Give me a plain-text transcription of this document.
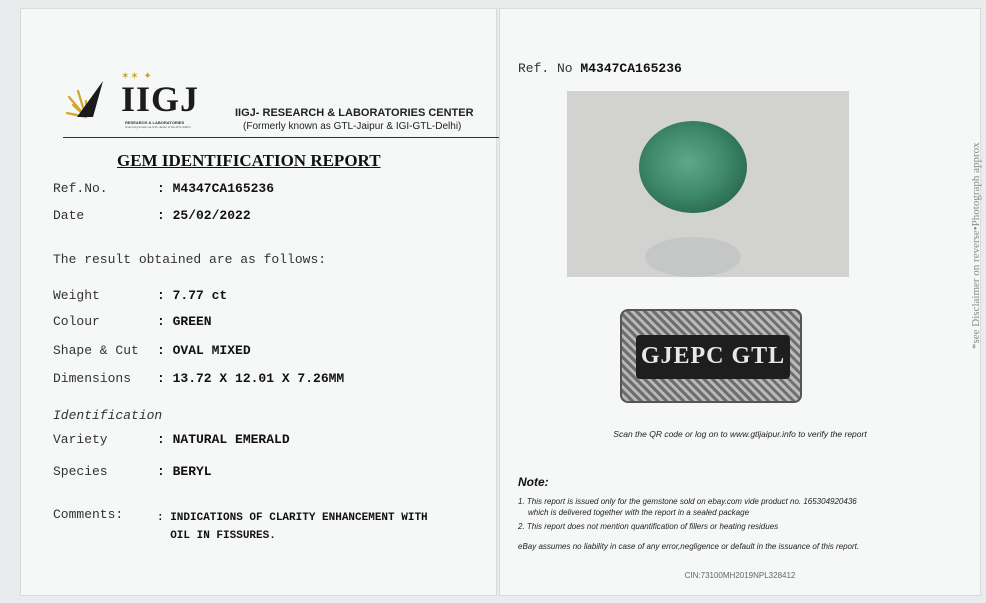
✶✶ ✦
IIGJ
RESEARCH & LABORATORIES
(Formerly known as GTL-Jaipur & IGI-GTL-Delhi)
IIGJ- RESEARCH & LABORATORIES CENTER
(Formerly known as GTL-Jaipur & IGI-GTL-Delhi)
GEM IDENTIFICATION REPORT
Ref.No.	: M4347CA165236
Date	: 25/02/2022
The result obtained are as follows:
Weight	: 7.77 ct
Colour	: GREEN
Shape & Cut : OVAL MIXED
Dimensions : 13.72 X 12.01 X 7.26MM
Identification
Variety	: NATURAL EMERALD
Species	: BERYL
Comments:	: INDICATIONS OF CLARITY ENHANCEMENT WITH
OIL IN FISSURES.
Ref. No M4347CA165236
GJEPC GTL
Scan the QR code or log on to www.gtljaipur.info to verify the report
Note:
1. This report is issued only for the gemstone sold on ebay.com vide product no. 165304920436
which is delivered together with the report in a sealed package
2. This report does not mention quantification of fillers or heating residues
eBay assumes no liability in case of any error,negligence or default in the issuance of this report.
CIN:73100MH2019NPL328412
*see Disclaimer on reverse•Photograph approx
